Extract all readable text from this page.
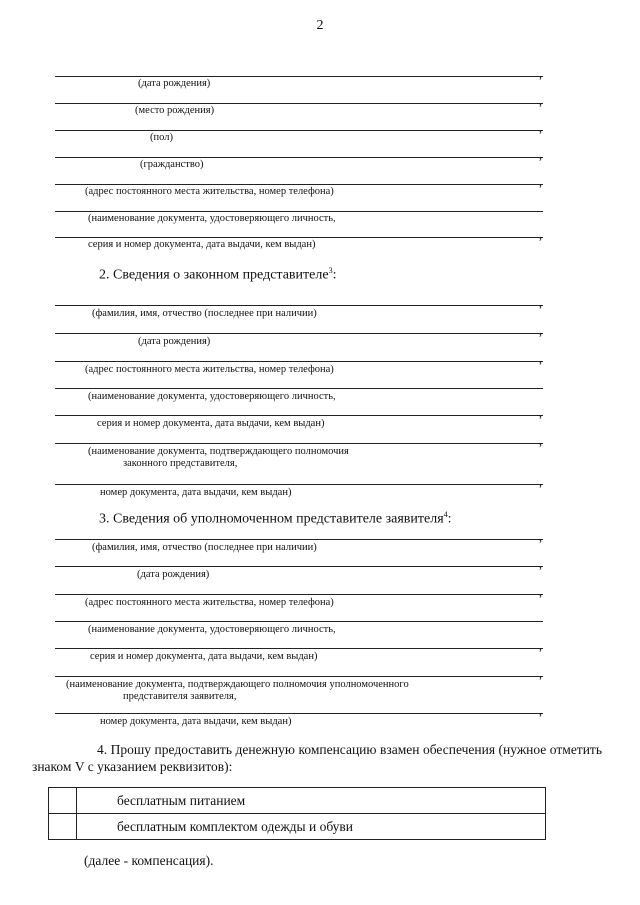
2
,
(дата рождения)
,
(место рождения)
,
(пол)
,
(гражданство)
,
(адрес постоянного места жительства, номер телефона)
(наименование документа, удостоверяющего личность,
,
серия и номер документа, дата выдачи, кем выдан)
2. Сведения о законном представителе$^3$:
,
(фамилия, имя, отчество (последнее при наличии)
,
(дата рождения)
,
(адрес постоянного места жительства, номер телефона)
(наименование документа, удостоверяющего личность,
,
серия и номер документа, дата выдачи, кем выдан)
,
(наименование документа, подтверждающего полномочия
законного представителя,
,
номер документа, дата выдачи, кем выдан)
3. Сведения об уполномоченном представителе заявителя$^4$:
,
(фамилия, имя, отчество (последнее при наличии)
,
(дата рождения)
,
(адрес постоянного места жительства, номер телефона)
(наименование документа, удостоверяющего личность,
,
серия и номер документа, дата выдачи, кем выдан)
,
(наименование документа, подтверждающего полномочия уполномоченного
представителя заявителя,
,
номер документа, дата выдачи, кем выдан)
4. Прошу предоставить денежную компенсацию взамен обеспечения (нужное отметить знаком V с указанием реквизитов):
	бесплатным питанием
	бесплатным комплектом одежды и обуви
(далее - компенсация).
